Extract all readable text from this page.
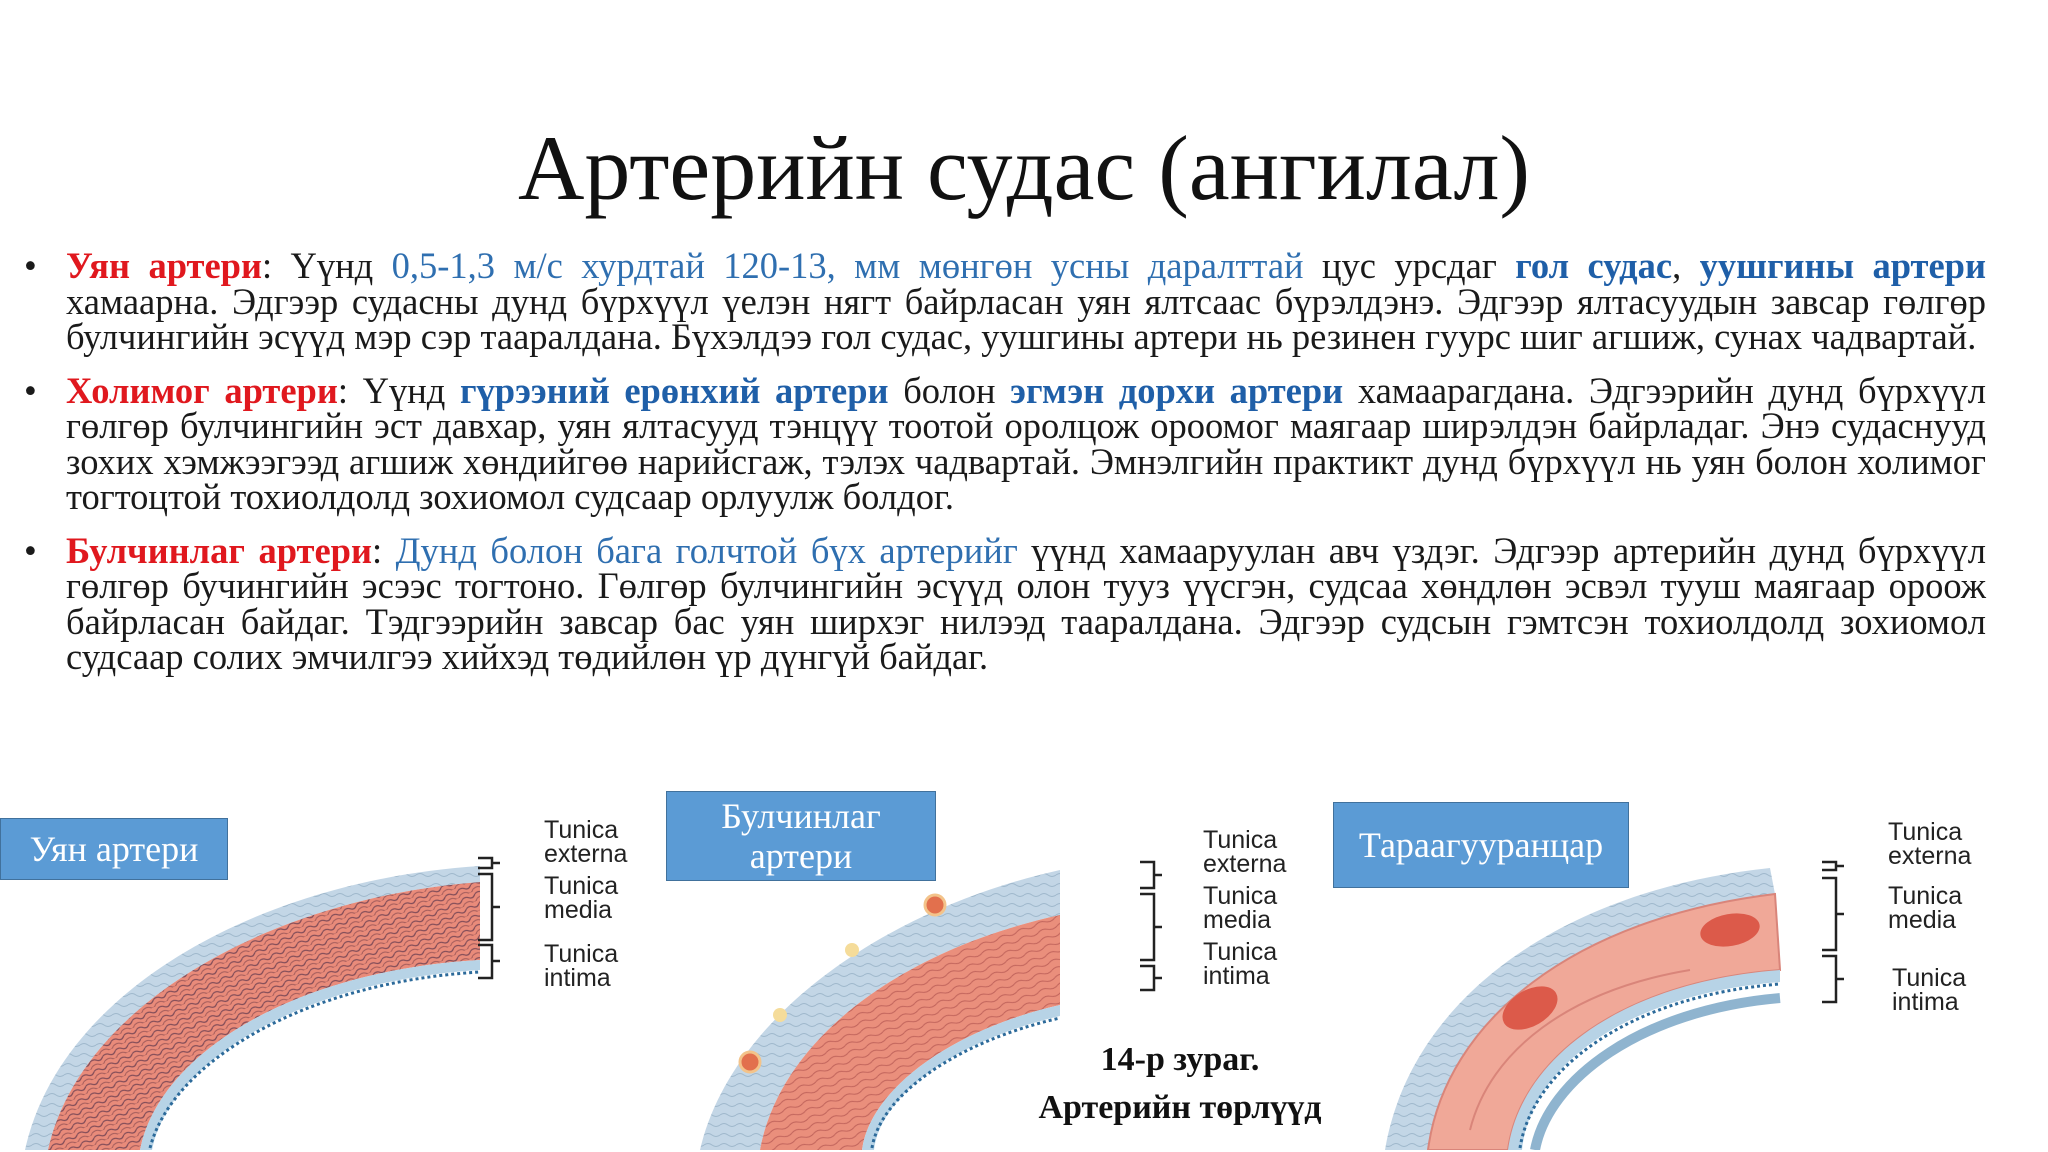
Артерийн судас (ангилал)

• Уян артери: Үүнд 0,5-1,3 м/с хурдтай 120-13, мм мөнгөн усны даралттай цус урсдаг гол судас, уушгины артери хамаарна. Эдгээр судасны дунд бүрхүүл үелэн нягт байрласан уян ялтсаас бүрэлдэнэ. Эдгээр ялтасуудын завсар гөлгөр булчингийн эсүүд мэр сэр тааралдана. Бүхэлдээ гол судас, уушгины артери нь резинен гуурс шиг агшиж, сунах чадвартай.

• Холимог артери: Үүнд гүрээний ерөнхий артери болон эгмэн дорхи артери хамаарагдана. Эдгээрийн дунд бүрхүүл гөлгөр булчингийн эст давхар, уян ялтасууд тэнцүү тоотой оролцож ороомог маягаар ширэлдэн байрладаг. Энэ судаснууд зохих хэмжээгээд агшиж хөндийгөө нарийсгаж, тэлэх чадвартай. Эмнэлгийн практикт дунд бүрхүүл нь уян болон холимог тогтоцтой тохиолдолд зохиомол судсаар орлуулж болдог.

• Булчинлаг артери: Дунд болон бага голчтой бүх артерийг үүнд хамааруулан авч үздэг. Эдгээр артерийн дунд бүрхүүл гөлгөр бучингийн эсээс тогтоно. Гөлгөр булчингийн эсүүд олон тууз үүсгэн, судсаа хөндлөн эсвэл тууш маягаар ороож байрласан байдаг. Тэдгээрийн завсар бас уян ширхэг нилээд тааралдана. Эдгээр судсын гэмтсэн тохиолдолд зохиомол судсаар солих эмчилгээ хийхэд төдийлөн үр дүнгүй байдаг.

Tunica
externa
Tunica
media
Tunica
intima
Tunica
externa
Tunica
media
Tunica
intima
Tunica
externa
Tunica
media
Tunica
intima
Уян артери
Булчинлаг артери	Тараагууранцар
14-р зураг.
Артерийн төрлүүд
